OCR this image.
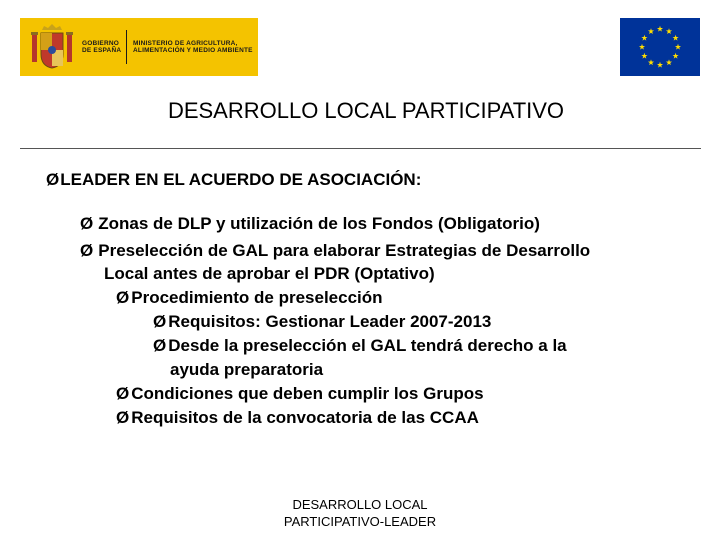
GOBIERNO DE ESPAÑA
MINISTERIO DE AGRICULTURA, ALIMENTACIÓN Y MEDIO AMBIENTE
DESARROLLO LOCAL PARTICIPATIVO
ØLEADER EN EL ACUERDO DE ASOCIACIÓN:
Ø Zonas de DLP y utilización de los Fondos (Obligatorio)
Ø Preselección de GAL para elaborar Estrategias de Desarrollo
Local antes de aprobar el PDR (Optativo)
Ø Procedimiento de preselección
Ø Requisitos: Gestionar Leader 2007-2013
Ø Desde la preselección el GAL tendrá derecho a la
ayuda preparatoria
Ø Condiciones que deben cumplir los Grupos
Ø Requisitos de la convocatoria de las CCAA
DESARROLLO LOCAL
PARTICIPATIVO-LEADER
